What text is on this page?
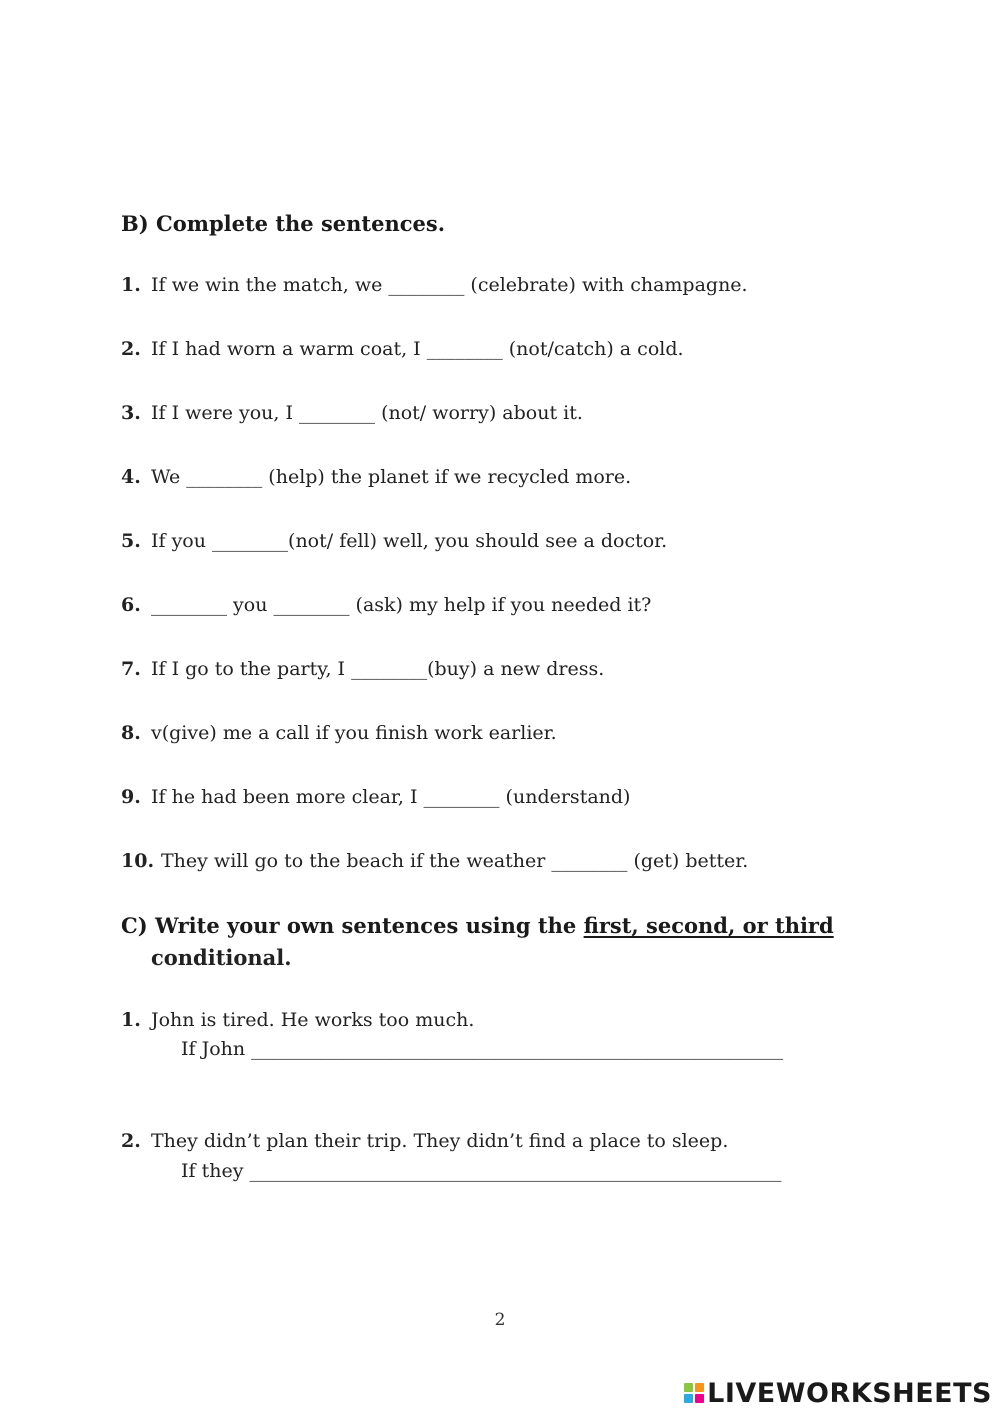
B) Complete the sentences.
1. If we win the match, we ________ (celebrate) with champagne.
2. If I had worn a warm coat, I ________ (not/catch) a cold.
3. If I were you, I ________ (not/ worry) about it.
4. We ________ (help) the planet if we recycled more.
5. If you ________(not/ fell) well, you should see a doctor.
6. ________ you ________ (ask) my help if you needed it?
7. If I go to the party, I ________(buy) a new dress.
8. v(give) me a call if you finish work earlier.
9. If he had been more clear, I ________ (understand)
10. They will go to the beach if the weather ________ (get) better.
C) Write your own sentences using the first, second, or third
conditional.
1. John is tired. He works too much.
If John ________________________________________________________
2. They didn’t plan their trip. They didn’t find a place to sleep.
If they ________________________________________________________
2
LIVEWORKSHEETS
